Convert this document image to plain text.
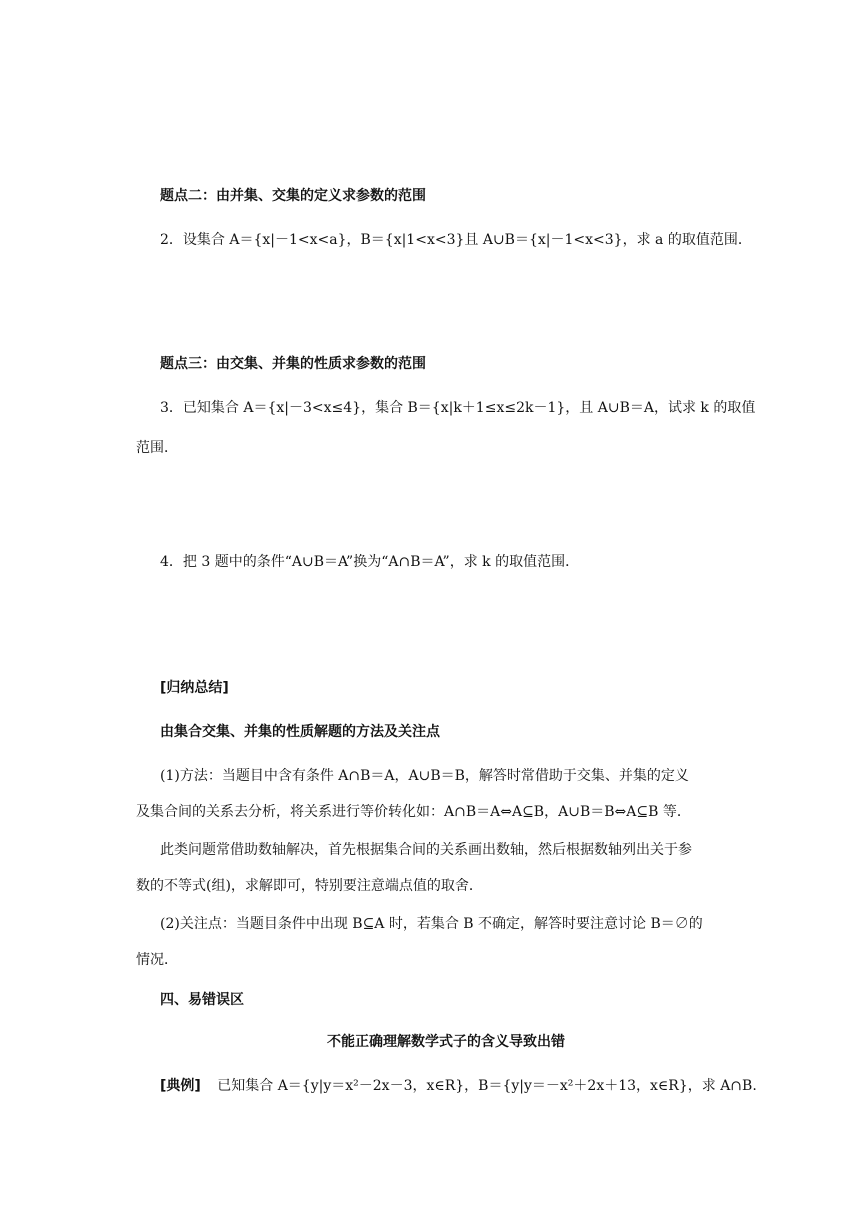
题点二：由并集、交集的定义求参数的范围
2．设集合 A＝{x|－1<x<a}，B＝{x|1<x<3}且 A∪B＝{x|－1<x<3}，求 a 的取值范围．
题点三：由交集、并集的性质求参数的范围
3．已知集合 A＝{x|－3<x≤4}，集合 B＝{x|k＋1≤x≤2k－1}，且 A∪B＝A，试求 k 的取值
范围．
4．把 3 题中的条件“A∪B＝A”换为“A∩B＝A”，求 k 的取值范围．
[归纳总结]
由集合交集、并集的性质解题的方法及关注点
(1)方法：当题目中含有条件 A∩B＝A，A∪B＝B，解答时常借助于交集、并集的定义
及集合间的关系去分析，将关系进行等价转化如：A∩B＝A⇔A⊆B，A∪B＝B⇔A⊆B 等．
此类问题常借助数轴解决，首先根据集合间的关系画出数轴，然后根据数轴列出关于参
数的不等式(组)，求解即可，特别要注意端点值的取舍．
(2)关注点：当题目条件中出现 B⊆A 时，若集合 B 不确定，解答时要注意讨论 B＝∅的
情况．
四、易错误区
不能正确理解数学式子的含义导致出错
[典例] 已知集合 A＝{y|y＝x²－2x－3，x∈R}，B＝{y|y＝－x²＋2x＋13，x∈R}，求 A∩B.
